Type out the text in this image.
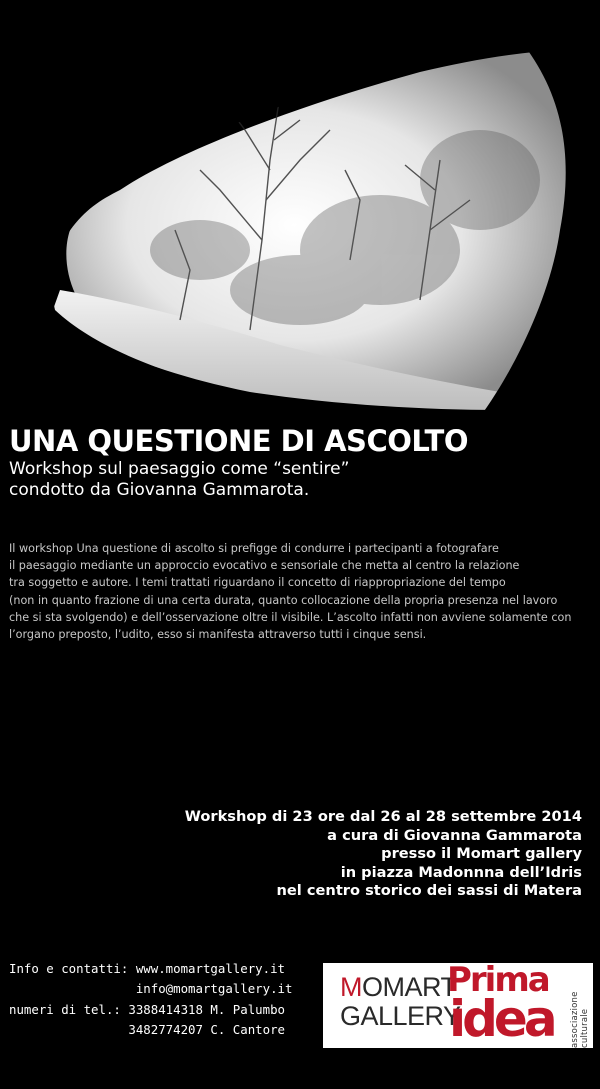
UNA QUESTIONE DI ASCOLTO
Workshop sul paesaggio come “sentire”
condotto da Giovanna Gammarota.
Il workshop Una questione di ascolto si prefigge di condurre i partecipanti a fotografare
il paesaggio mediante un approccio evocativo e sensoriale che metta al centro la relazione
tra soggetto e autore. I temi trattati riguardano il concetto di riappropriazione del tempo
(non in quanto frazione di una certa durata, quanto collocazione della propria presenza nel lavoro
che si sta svolgendo) e dell’osservazione oltre il visibile. L’ascolto infatti non avviene solamente con
l’organo preposto, l’udito, esso si manifesta attraverso tutti i cinque sensi.
Workshop di 23 ore dal 26 al 28 settembre 2014
a cura di Giovanna Gammarota
presso il Momart gallery
in piazza Madonnna dell’Idris
nel centro storico dei sassi di Matera
Info e contatti: www.momartgallery.it
info@momartgallery.it
numeri di tel.: 3388414318 M. Palumbo
3482774207 C. Cantore
MOMART
GALLERY
Prima
idea associazione culturale
